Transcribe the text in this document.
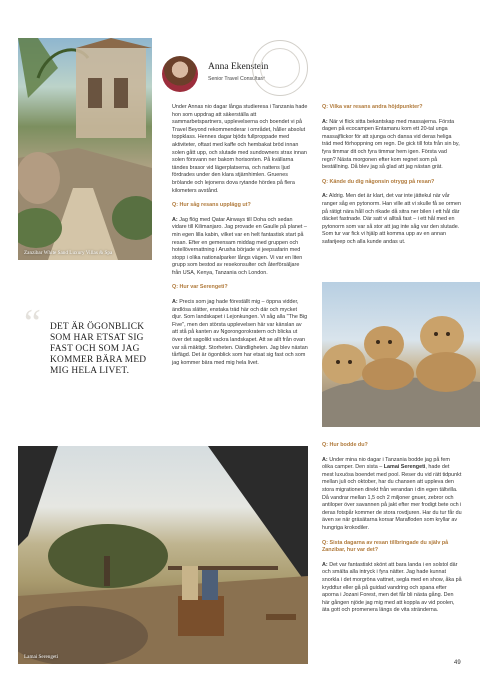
Zanzibar White Sand Luxury Villas & Spa
Lamai Serengeti
Anna Ekenstein
Senior Travel Consultant
“ DET ÄR ÖGONBLICK SOM HAR ETSAT SIG FAST OCH SOM JAG KOMMER BÄRA MED MIG HELA LIVET.

Under Annas nio dagar långa studieresa i Tanzania hade hon som uppdrag att säkerställa att sammarbetspartners, upplevelserna och boendet vi på Travel Beyond rekommenderar i området, håller absolut toppklass. Hennes dagar bjöds fullproppade med aktiviteter, oftast med kaffe och hembakat bröd innan solen gått upp, och slutade med sundowners strax innan solen försvann ner bakom horisonten. På kvällarna tändes brasor vid lägerplatserna, och nattens ljud fördrades under den klara stjärnhimlen. Gruenes brölande och lejonens dova rytande hördes på flera kilometers avstånd.

Q: Hur såg resans upplägg ut?

A: Jag flög med Qatar Airways till Doha och sedan vidare till Kilimanjaro. Jag provade en Gaulle på planet – min egen lilla kabin, vilket var en helt fantastisk start på resan. Efter en gemensam middag med gruppen och hotellövernattning i Arusha började vi jeepsafarin med stopp i olika nationalparker långs vägen. Vi var en liten grupp som bestod av resekonsulter och återförsäljare från USA, Kenya, Tanzania och London.

Q: Hur var Serengeti?

A: Precis som jag hade föreställt mig – öppna vidder, ändlösa slätter, enstaka träd här och där och mycket djur. Som landskapet i Lejonkungen. Vi såg alla "The Big Five", men den största upplevelsen här var känslan av att stå på kanten av Ngorongorokratern och blicka ut över det sagolikt vackra landskapet. Att se allt från ovan var så mäktigt. Storheten. Oändligheten. Jag blev nästan tårfägd. Det är ögonblick som har etsat sig fast och som jag kommer bära med mig hela livet.

Q: Vilka var resans andra höjdpunkter?

A: När vi flick sitta bekantskap med massajerna. Första dagen på ecocampen Entamanu kom ett 20-tal unga massajflickor för att sjunga och dansa vid deras heliga träd med förhoppning om regn. De gick till fots från sin by, fyra timmar dit och fyra timmar hem igen. Första vad regn? Nästa morgonen efter kom regnet som på beställning. Då blev jag så glad att jag nästan grät.

Q: Kände du dig någonsin otrygg på resan?

A: Aldrig. Men det är klart, det var inte jättekul när vår ranger såg en pytonorm. Han ville att vi skulle få se ormen på rätigt nära håll och rikade då sitra ner bilen i ett hål där däcket fastnade. Där satt vi alltså fast – i ett hål med en pytonorm som var så stor att jag inte såg var den slutade. Som tur var fick vi hjälp att komma upp av en annan safarijeep och alla kunde andas ut.

Q: Hur bodde du?

A: Under mina nio dagar i Tanzania bodde jag på fem olika camper. Den sista – Lamai Serengeti, hade det mest luxuösa boendet med pool. Reser du vid rätt tidpunkt mellan juli och oktober, har du chansen att uppleva den stora migrationen direkt från verandan i din egen tältvilla. Då vandrar mellan 1,5 och 2 miljoner gnuer, zebror och antiloper över savannen på jakt efter mer frodigt bete och i deras fotspår kommer de stora rovdjuren. Har du tur får du även se när gräsätarna korsar Marafloden som kryllar av hungriga krokodiler.

Q: Sista dagarna av resan tillbringade du själv på Zanzibar, hur var det?

A: Det var fantastiskt skönt att bara landa i en solstol där och smälta alla intryck i fyra nätter. Jag hade kunnat snorkla i det morgröna vattnet, segla med en show, åka på kryddtur eller gå på guidad vandring och spana efter aporna i Jozani Forest, men det får bli nästa gång. Den här gången njöde jag mig med att koppla av vid poolen, äta gott och promenera längs de vita stränderna.

49
